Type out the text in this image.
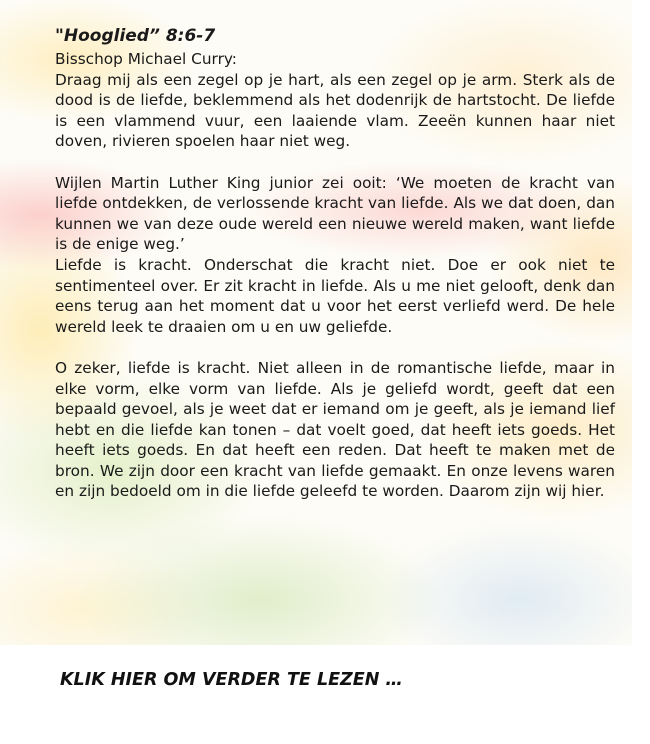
"Hooglied” 8:6-7

Bisschop Michael Curry:

Draag mij als een zegel op je hart, als een zegel op je arm. Sterk als de dood is de liefde, beklemmend als het dodenrijk de hartstocht. De liefde is een vlammend vuur, een laaiende vlam. Zeeën kunnen haar niet doven, rivieren spoelen haar niet weg.

Wijlen Martin Luther King junior zei ooit: ‘We moeten de kracht van liefde ontdekken, de verlossende kracht van liefde. Als we dat doen, dan kunnen we van deze oude wereld een nieuwe wereld maken, want liefde is de enige weg.’

Liefde is kracht. Onderschat die kracht niet. Doe er ook niet te sentimenteel over. Er zit kracht in liefde. Als u me niet gelooft, denk dan eens terug aan het moment dat u voor het eerst verliefd werd. De hele wereld leek te draaien om u en uw geliefde.

O zeker, liefde is kracht. Niet alleen in de romantische liefde, maar in elke vorm, elke vorm van liefde. Als je geliefd wordt, geeft dat een bepaald gevoel, als je weet dat er iemand om je geeft, als je iemand lief hebt en die liefde kan tonen – dat voelt goed, dat heeft iets goeds. Het heeft iets goeds. En dat heeft een reden. Dat heeft te maken met de bron. We zijn door een kracht van liefde gemaakt. En onze levens waren en zijn bedoeld om in die liefde geleefd te worden. Daarom zijn wij hier.

KLIK HIER OM VERDER TE LEZEN …
